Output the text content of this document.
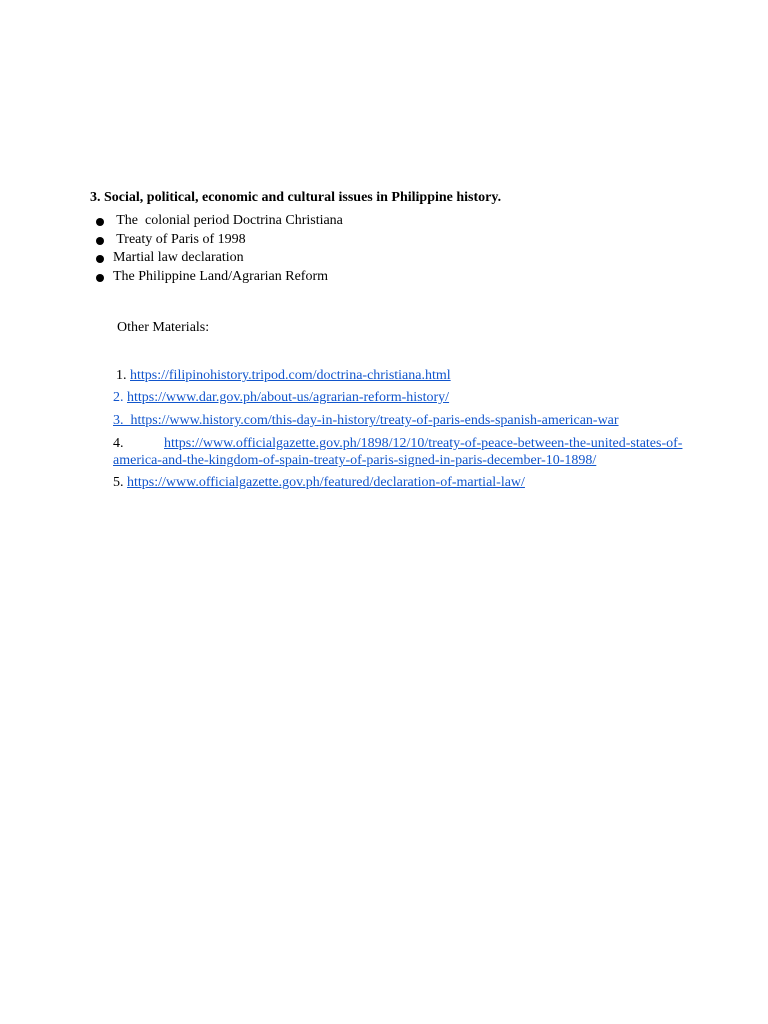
3. Social, political, economic and cultural issues in Philippine history.
The  colonial period Doctrina Christiana
Treaty of Paris of 1998
Martial law declaration
The Philippine Land/Agrarian Reform
Other Materials:
1. https://filipinohistory.tripod.com/doctrina-christiana.html
2. https://www.dar.gov.ph/about-us/agrarian-reform-history/
3. https://www.history.com/this-day-in-history/treaty-of-paris-ends-spanish-american-war
4.	https://www.officialgazette.gov.ph/1898/12/10/treaty-of-peace-between-the-united-states-of-
america-and-the-kingdom-of-spain-treaty-of-paris-signed-in-paris-december-10-1898/
5. https://www.officialgazette.gov.ph/featured/declaration-of-martial-law/
